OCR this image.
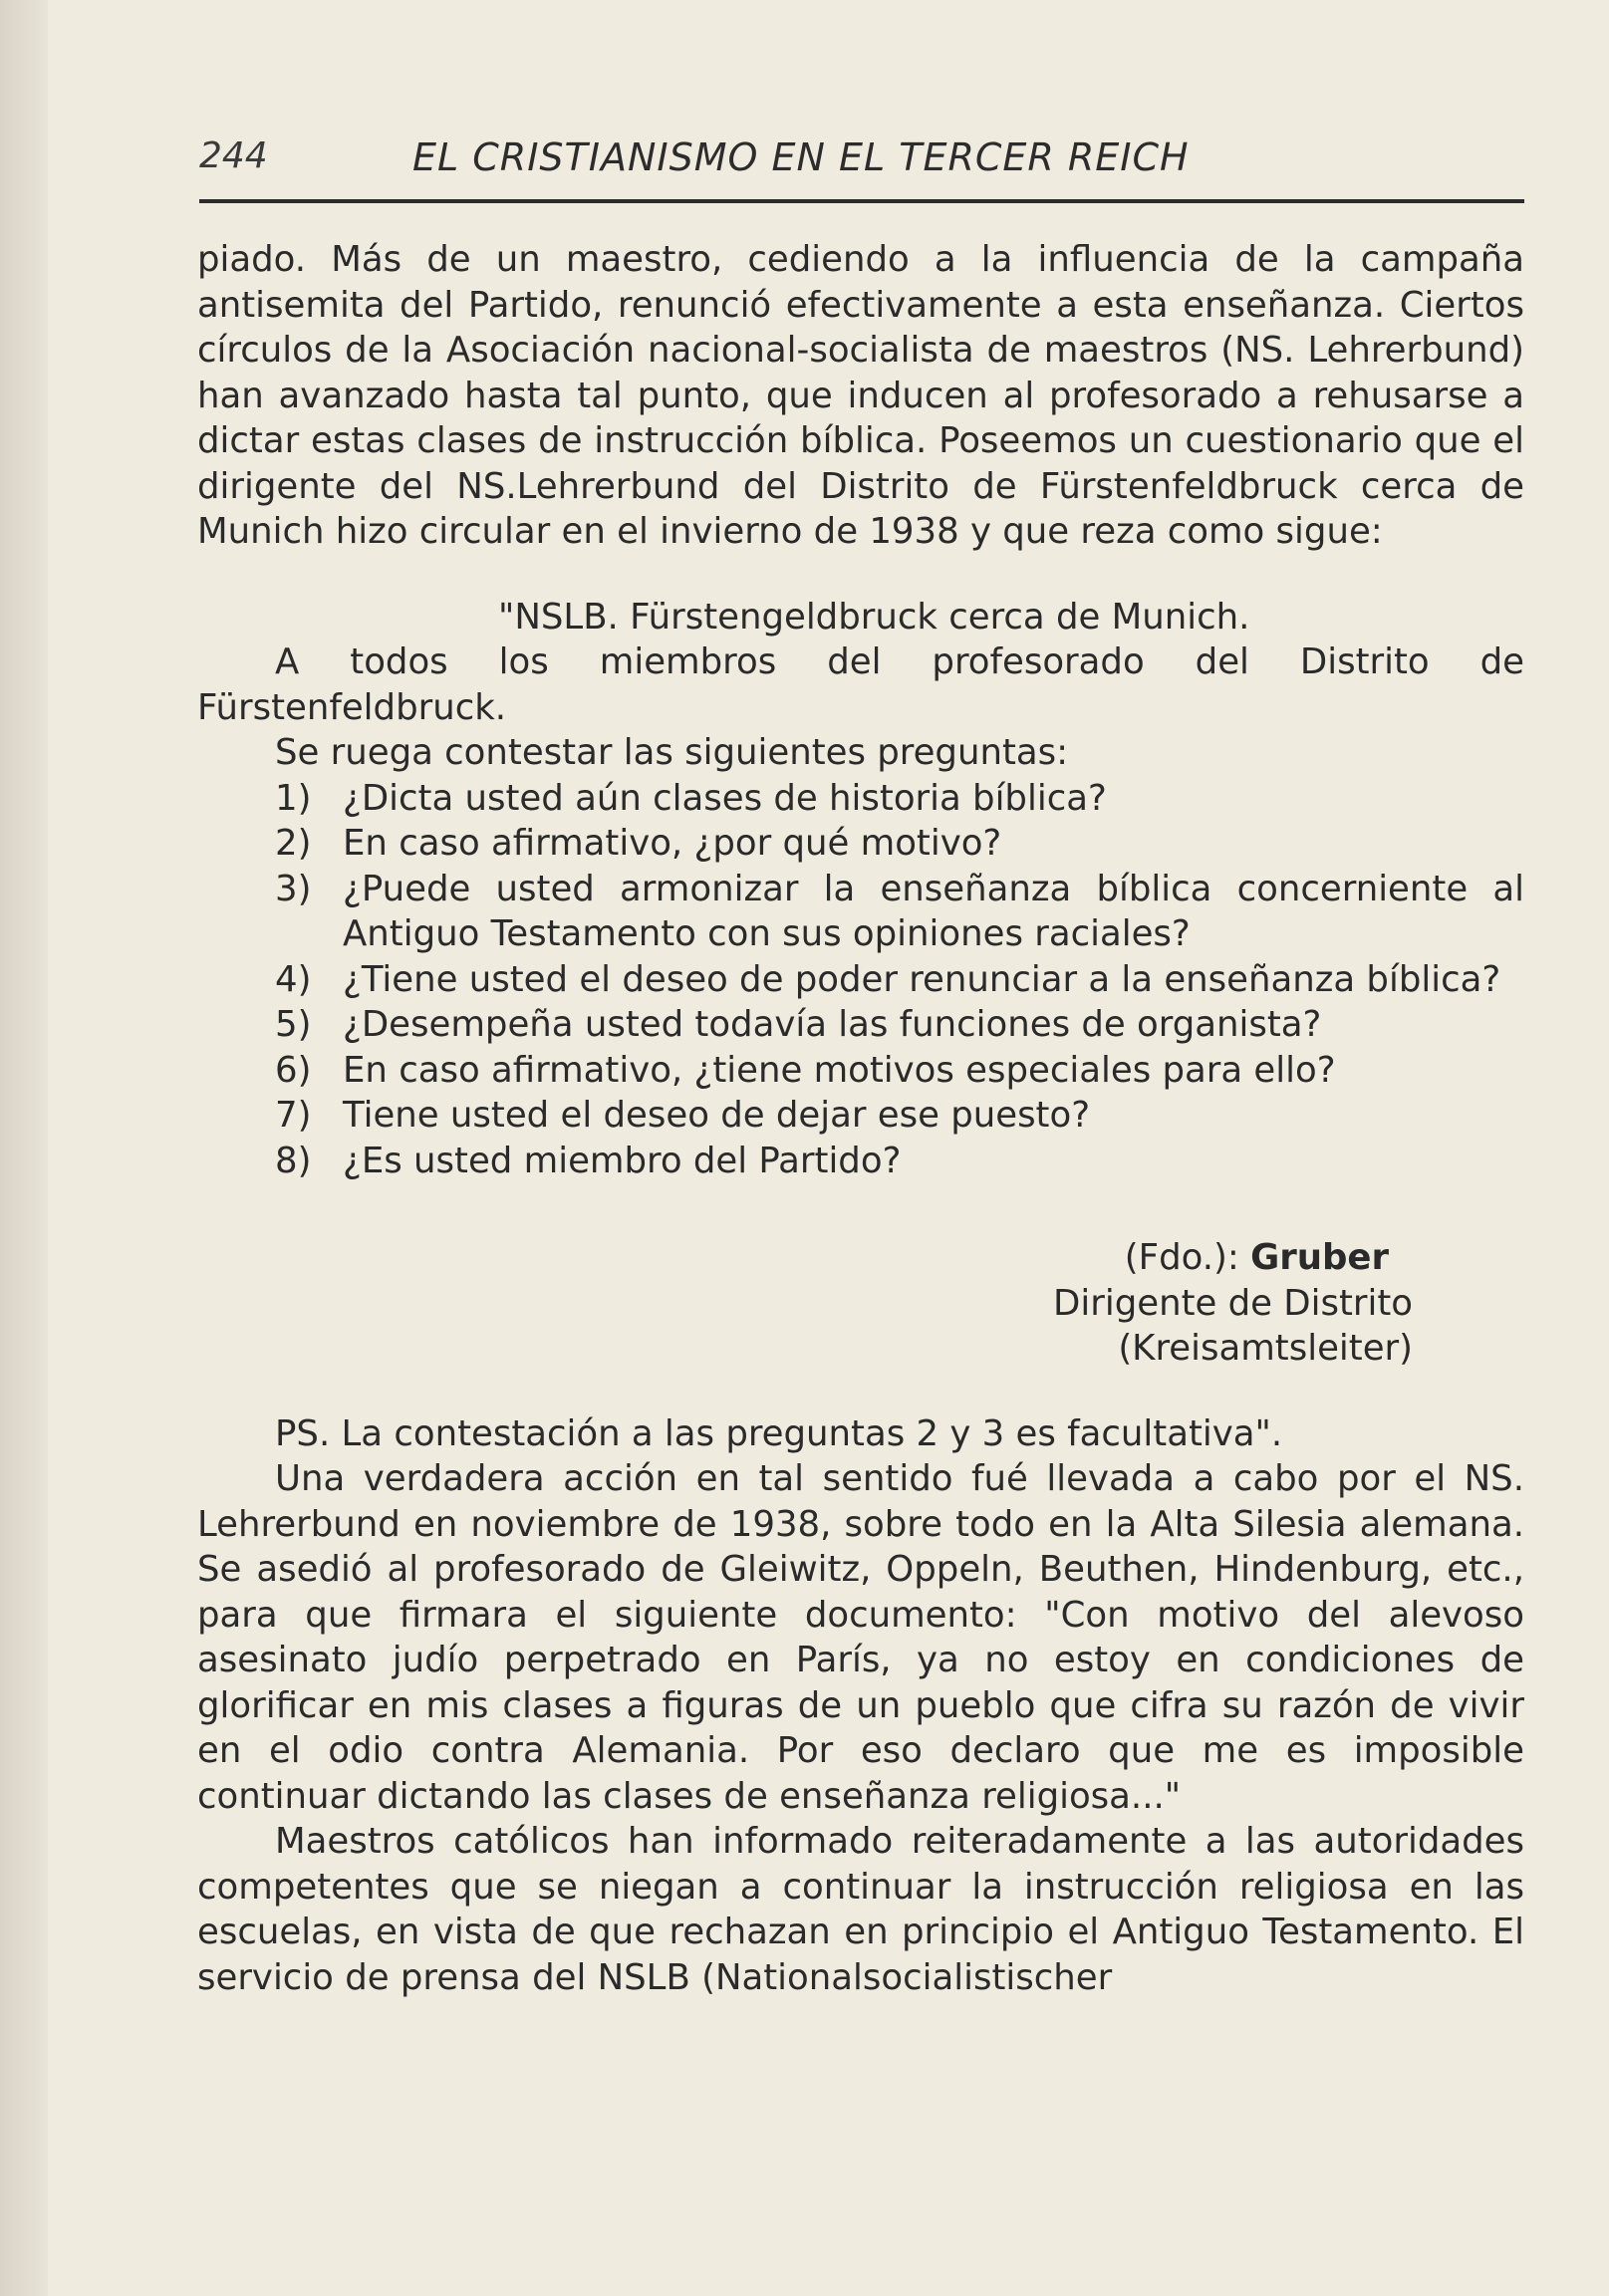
244	EL CRISTIANISMO EN EL TERCER REICH

piado. Más de un maestro, cediendo a la influencia de la campaña antisemita del Partido, renunció efectivamente a esta enseñanza. Ciertos círculos de la Asociación nacional-socialista de maestros (NS. Lehrerbund) han avanzado hasta tal punto, que inducen al profesorado a rehusarse a dictar estas clases de instrucción bíblica. Poseemos un cuestionario que el dirigente del NS.Lehrerbund del Distrito de Fürstenfeldbruck cerca de Munich hizo circular en el invierno de 1938 y que reza como sigue:

"NSLB. Fürstengeldbruck cerca de Munich.

A todos los miembros del profesorado del Distrito de Fürstenfeldbruck.

Se ruega contestar las siguientes preguntas:

1) ¿Dicta usted aún clases de historia bíblica?
2) En caso afirmativo, ¿por qué motivo?
3) ¿Puede usted armonizar la enseñanza bíblica concerniente al Antiguo Testamento con sus opiniones raciales?
4) ¿Tiene usted el deseo de poder renunciar a la enseñanza bíblica?
5) ¿Desempeña usted todavía las funciones de organista?
6) En caso afirmativo, ¿tiene motivos especiales para ello?
7) Tiene usted el deseo de dejar ese puesto?
8) ¿Es usted miembro del Partido?
(Fdo.): Gruber
Dirigente de Distrito
(Kreisamtsleiter)

PS. La contestación a las preguntas 2 y 3 es facultativa".

Una verdadera acción en tal sentido fué llevada a cabo por el NS. Lehrerbund en noviembre de 1938, sobre todo en la Alta Silesia alemana. Se asedió al profesorado de Gleiwitz, Oppeln, Beuthen, Hindenburg, etc., para que firmara el siguiente documento: "Con motivo del alevoso asesinato judío perpetrado en París, ya no estoy en condiciones de glorificar en mis clases a figuras de un pueblo que cifra su razón de vivir en el odio contra Alemania. Por eso declaro que me es imposible continuar dictando las clases de enseñanza religiosa..."

Maestros católicos han informado reiteradamente a las autoridades competentes que se niegan a continuar la instrucción religiosa en las escuelas, en vista de que rechazan en principio el Antiguo Testamento. El servicio de prensa del NSLB (Nationalsocialistischer
